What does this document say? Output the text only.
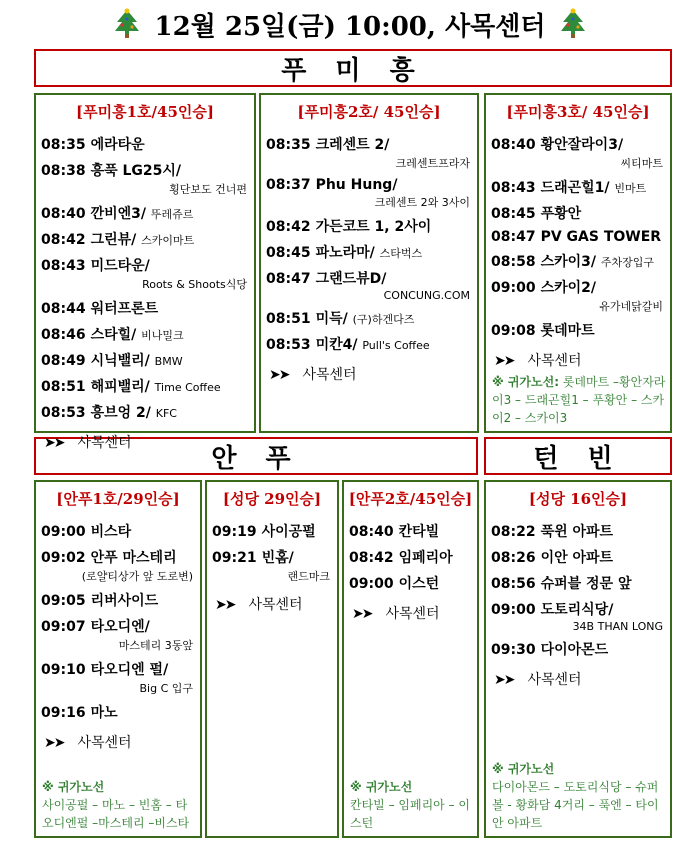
12월 25일(금) 10:00, 사목센터
푸 미 흥
안 푸	턴 빈
[푸미흥1호/45인승]
08:35 에라타운
08:38 흥푹 LG25시/
횡단보도 건너편
08:40 깐비엔3/ 뚜레쥬르
08:42 그린뷰/ 스카이마트
08:43 미드타운/
Roots & Shoots식당
08:44 워터프론트
08:46 스타힐/ 비나밀크
08:49 시닉밸리/ BMW
08:51 해피밸리/ Time Coffee
08:53 흥브엉 2/ KFC
➤➤ 사목센터
[푸미흥2호/ 45인승]
08:35 크레센트 2/
크레센트프라자
08:37 Phu Hung/
크레센트 2와 3사이
08:42 가든코트 1, 2사이
08:45 파노라마/ 스타벅스
08:47 그랜드뷰D/
CONCUNG.COM
08:51 미득/ (구)하겐다즈
08:53 미칸4/ Pull's Coffee
➤➤ 사목센터
[푸미흥3호/ 45인승]
08:40 황안잘라이3/
씨티마트
08:43 드래곤힐1/ 빈마트
08:45 푸황안
08:47 PV GAS TOWER
08:58 스카이3/ 주차장입구
09:00 스카이2/
유가네닭갈비
09:08 롯데마트
➤➤ 사목센터
※ 귀가노선: 롯데마트 –황안자라이3 – 드래곤힐1 – 푸황안 – 스카이2 – 스카이3
[안푸1호/29인승]
09:00 비스타
09:02 안푸 마스테리
(로얄티상가 앞 도로변)
09:05 리버사이드
09:07 타오디엔/
마스테리 3동앞
09:10 타오디엔 펄/
Big C 입구
09:16 마노
➤➤ 사목센터
※ 귀가노선
사이공펄 – 마노 – 빈홈 – 타오디엔펄 –마스테리 –비스타
[성당 29인승]
09:19 사이공펄
09:21 빈홈/
랜드마크
➤➤ 사목센터
[안푸2호/45인승]
08:40 칸타빌
08:42 임페리아
09:00 이스턴
➤➤ 사목센터
※ 귀가노선
칸타빌 – 임페리아 – 이스턴
[성당 16인승]
08:22 푹윈 아파트
08:26 이안 아파트
08:56 슈퍼블 정문 앞
09:00 도토리식당/
34B THAN LONG
09:30 다이아몬드
➤➤ 사목센터
※ 귀가노선
다이아몬드 – 도토리식당 – 슈퍼볼 - 황화담 4거리 – 푹엔 – 타이안 아파트
